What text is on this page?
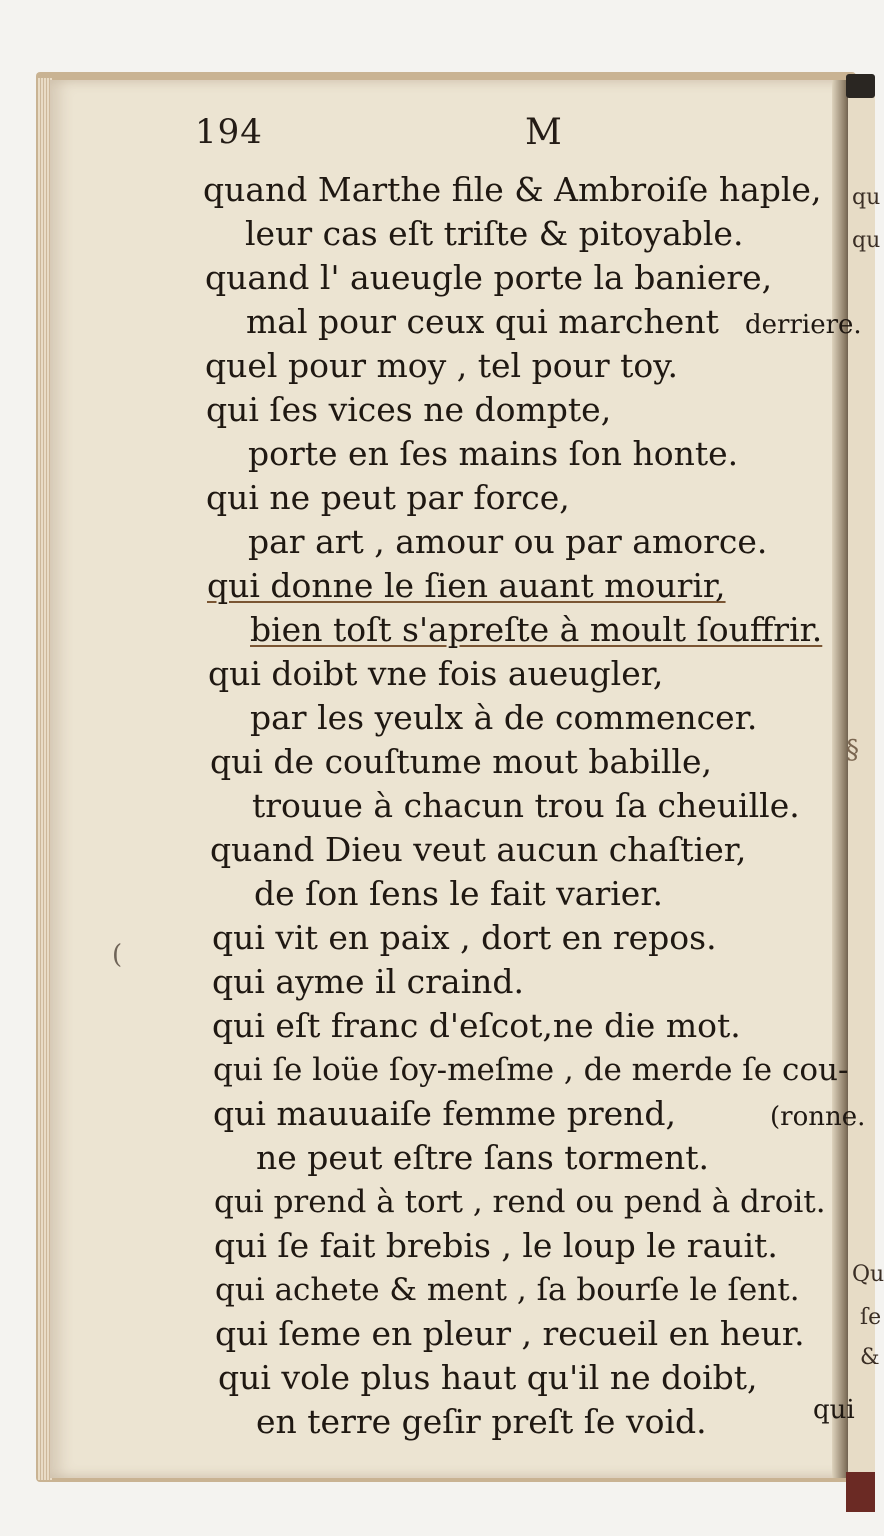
194	M
quand Marthe file & Ambroiſe haple,
leur cas eſt triſte & pitoyable.
quand l' aueugle porte la baniere,
mal pour ceux qui marchent
quel pour moy , tel pour toy.
qui ſes vices ne dompte,
porte en ſes mains ſon honte.
qui ne peut par force,
par art , amour ou par amorce.
qui donne le ſien auant mourir,
bien toſt s'apreſte à moult ſouffrir.
qui doibt vne fois aueugler,
par les yeulx à de commencer.
qui de couſtume mout babille,
trouue à chacun trou ſa cheuille.
quand Dieu veut aucun chaſtier,
de ſon ſens le fait varier.
qui vit en paix , dort en repos.
qui ayme il craind.
qui eſt franc d'eſcot,ne die mot.
qui ſe loüe ſoy-meſme , de merde ſe cou-
qui mauuaiſe femme prend,
ne peut eſtre ſans torment.
qui prend à tort , rend ou pend à droit.
qui ſe fait brebis , le loup le rauit.
qui achete & ment , ſa bourſe le ſent.
qui ſeme en pleur , recueil en heur.
qui vole plus haut qu'il ne doibt,
en terre geſir preſt ſe void.
derriere.
(ronne.
qui
(
qu
qu
Qu
ſe
&
§
